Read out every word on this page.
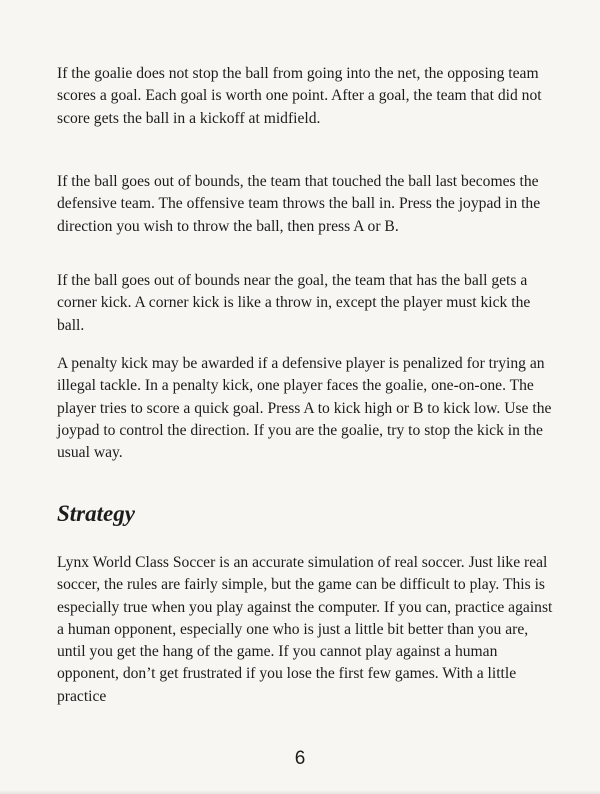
If the goalie does not stop the ball from going into the net, the opposing team scores a goal. Each goal is worth one point. After a goal, the team that did not score gets the ball in a kickoff at midfield.

If the ball goes out of bounds, the team that touched the ball last becomes the defensive team. The offensive team throws the ball in. Press the joypad in the direction you wish to throw the ball, then press A or B.

If the ball goes out of bounds near the goal, the team that has the ball gets a corner kick. A corner kick is like a throw in, except the player must kick the ball.

A penalty kick may be awarded if a defensive player is penalized for trying an illegal tackle. In a penalty kick, one player faces the goalie, one-on-one. The player tries to score a quick goal. Press A to kick high or B to kick low. Use the joypad to control the direction. If you are the goalie, try to stop the kick in the usual way.

Strategy

Lynx World Class Soccer is an accurate simulation of real soccer. Just like real soccer, the rules are fairly simple, but the game can be difficult to play. This is especially true when you play against the computer. If you can, practice against a human opponent, especially one who is just a little bit better than you are, until you get the hang of the game. If you cannot play against a human opponent, don’t get frustrated if you lose the first few games. With a little practice

6
